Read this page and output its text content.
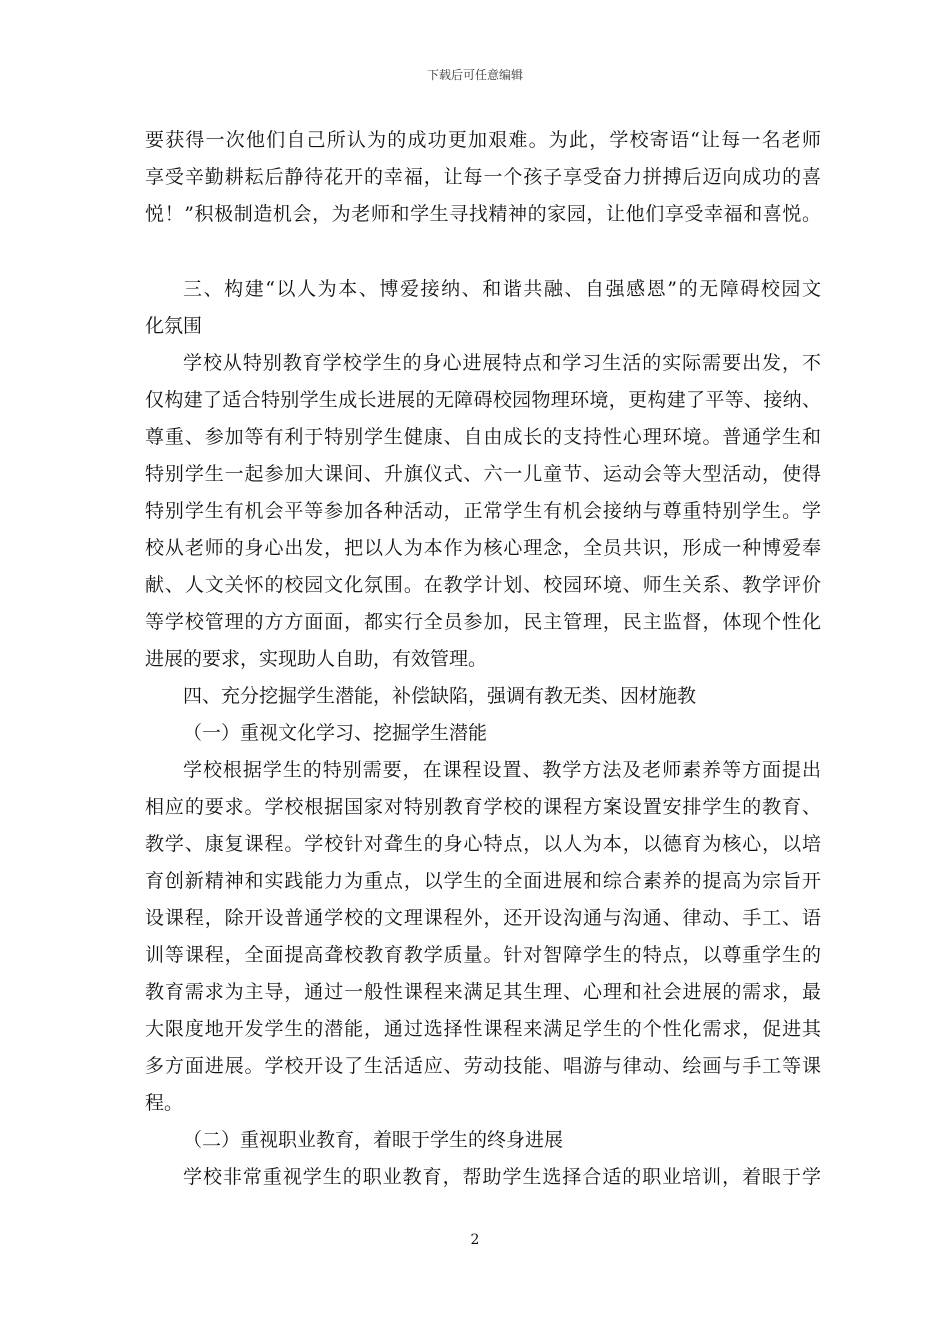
下载后可任意编辑
要获得一次他们自己所认为的成功更加艰难。为此，学校寄语“让每一名老师
享受辛勤耕耘后静待花开的幸福，让每一个孩子享受奋力拼搏后迈向成功的喜
悦！”积极制造机会，为老师和学生寻找精神的家园，让他们享受幸福和喜悦。
三、构建“以人为本、博爱接纳、和谐共融、自强感恩”的无障碍校园文
化氛围
学校从特别教育学校学生的身心进展特点和学习生活的实际需要出发，不
仅构建了适合特别学生成长进展的无障碍校园物理环境，更构建了平等、接纳、
尊重、参加等有利于特别学生健康、自由成长的支持性心理环境。普通学生和
特别学生一起参加大课间、升旗仪式、六一儿童节、运动会等大型活动，使得
特别学生有机会平等参加各种活动，正常学生有机会接纳与尊重特别学生。学
校从老师的身心出发，把以人为本作为核心理念，全员共识，形成一种博爱奉
献、人文关怀的校园文化氛围。在教学计划、校园环境、师生关系、教学评价
等学校管理的方方面面，都实行全员参加，民主管理，民主监督，体现个性化
进展的要求，实现助人自助，有效管理。
四、充分挖掘学生潜能，补偿缺陷，强调有教无类、因材施教
（一）重视文化学习、挖掘学生潜能
学校根据学生的特别需要，在课程设置、教学方法及老师素养等方面提出
相应的要求。学校根据国家对特别教育学校的课程方案设置安排学生的教育、
教学、康复课程。学校针对聋生的身心特点，以人为本，以德育为核心，以培
育创新精神和实践能力为重点，以学生的全面进展和综合素养的提高为宗旨开
设课程，除开设普通学校的文理课程外，还开设沟通与沟通、律动、手工、语
训等课程，全面提高聋校教育教学质量。针对智障学生的特点，以尊重学生的
教育需求为主导，通过一般性课程来满足其生理、心理和社会进展的需求，最
大限度地开发学生的潜能，通过选择性课程来满足学生的个性化需求，促进其
多方面进展。学校开设了生活适应、劳动技能、唱游与律动、绘画与手工等课
程。
（二）重视职业教育，着眼于学生的终身进展
学校非常重视学生的职业教育，帮助学生选择合适的职业培训，着眼于学
2
